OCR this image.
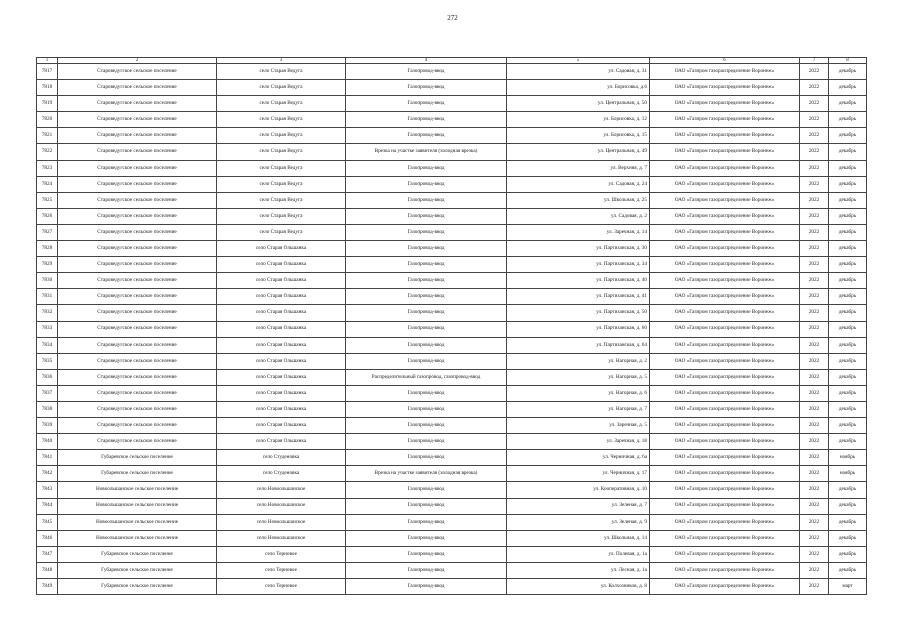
272
1	2	3	4	5	6	7	8
7817	Староведугское сельское поселение	село Старая Ведуга	Газопровод-ввод	ул. Садовая, д. 31	ОАО «Газпром газораспределение Воронеж»	2022	декабрь
7818	Староведугское сельское поселение	село Старая Ведуга	Газопровод-ввод	ул. Борисовка, д.6	ОАО «Газпром газораспределение Воронеж»	2022	декабрь
7819	Староведугское сельское поселение	село Старая Ведуга	Газопровод-ввод	ул. Центральная, д. 50	ОАО «Газпром газораспределение Воронеж»	2022	декабрь
7820	Староведугское сельское поселение	село Старая Ведуга	Газопровод-ввод	ул. Борисовка, д. 12	ОАО «Газпром газораспределение Воронеж»	2022	декабрь
7821	Староведугское сельское поселение	село Старая Ведуга	Газопровод-ввод	ул. Борисовка, д. 15	ОАО «Газпром газораспределение Воронеж»	2022	декабрь
7822	Староведугское сельское поселение	село Старая Ведуга	Врезка на участке заявителя (холодная врезка)	ул. Центральная, д. 49	ОАО «Газпром газораспределение Воронеж»	2022	декабрь
7823	Староведугское сельское поселение	село Старая Ведуга	Газопровод-ввод	ул. Верхняя, д. 7	ОАО «Газпром газораспределение Воронеж»	2022	декабрь
7824	Староведугское сельское поселение	село Старая Ведуга	Газопровод-ввод	ул. Садовая, д. 24	ОАО «Газпром газораспределение Воронеж»	2022	декабрь
7825	Староведугское сельское поселение	село Старая Ведуга	Газопровод-ввод	ул. Школьная, д. 25	ОАО «Газпром газораспределение Воронеж»	2022	декабрь
7826	Староведугское сельское поселение	село Старая Ведуга	Газопровод-ввод	ул. Садовая, д. 2	ОАО «Газпром газораспределение Воронеж»	2022	декабрь
7827	Староведугское сельское поселение	село Старая Ведуга	Газопровод-ввод	ул. Заречная, д. 14	ОАО «Газпром газораспределение Воронеж»	2022	декабрь
7828	Староведугское сельское поселение	село Старая Ольшанка	Газопровод-ввод	ул. Партизанская, д. 30	ОАО «Газпром газораспределение Воронеж»	2022	декабрь
7829	Староведугское сельское поселение	село Старая Ольшанка	Газопровод-ввод	ул. Партизанская, д. 34	ОАО «Газпром газораспределение Воронеж»	2022	декабрь
7830	Староведугское сельское поселение	село Старая Ольшанка	Газопровод-ввод	ул. Партизанская, д. 40	ОАО «Газпром газораспределение Воронеж»	2022	декабрь
7831	Староведугское сельское поселение	село Старая Ольшанка	Газопровод-ввод	ул. Партизанская, д. 41	ОАО «Газпром газораспределение Воронеж»	2022	декабрь
7832	Староведугское сельское поселение	село Старая Ольшанка	Газопровод-ввод	ул. Партизанская, д. 50	ОАО «Газпром газораспределение Воронеж»	2022	декабрь
7833	Староведугское сельское поселение	село Старая Ольшанка	Газопровод-ввод	ул. Партизанская, д. 60	ОАО «Газпром газораспределение Воронеж»	2022	декабрь
7834	Староведугское сельское поселение	село Старая Ольшанка	Газопровод-ввод	ул. Партизанская, д. 64	ОАО «Газпром газораспределение Воронеж»	2022	декабрь
7835	Староведугское сельское поселение	село Старая Ольшанка	Газопровод-ввод	ул. Нагорная, д. 2	ОАО «Газпром газораспределение Воронеж»	2022	декабрь
7836	Староведугское сельское поселение	село Старая Ольшанка	Распределительный газопровод, газопровод-ввод	ул. Нагорная, д. 5	ОАО «Газпром газораспределение Воронеж»	2022	декабрь
7837	Староведугское сельское поселение	село Старая Ольшанка	Газопровод-ввод	ул. Нагорная, д. 6	ОАО «Газпром газораспределение Воронеж»	2022	декабрь
7838	Староведугское сельское поселение	село Старая Ольшанка	Газопровод-ввод	ул. Нагорная, д. 7	ОАО «Газпром газораспределение Воронеж»	2022	декабрь
7839	Староведугское сельское поселение	село Старая Ольшанка	Газопровод-ввод	ул. Заречная, д. 5	ОАО «Газпром газораспределение Воронеж»	2022	декабрь
7840	Староведугское сельское поселение	село Старая Ольшанка	Газопровод-ввод	ул. Заречная, д. 18	ОАО «Газпром газораспределение Воронеж»	2022	декабрь
7841	Губаревское сельское поселение	село Студеновка	Газопровод-ввод	ул. Черничная, д. 6а	ОАО «Газпром газораспределение Воронеж»	2022	ноябрь
7842	Губаревское сельское поселение	село Студеновка	Врезка на участке заявителя (холодная врезка)	ул. Черничная, д. 17	ОАО «Газпром газораспределение Воронеж»	2022	ноябрь
7843	Новоольшанское сельское поселение	село Новоольшанское	Газопровод-ввод	ул. Кооперативная, д. 10	ОАО «Газпром газораспределение Воронеж»	2022	декабрь
7844	Новоольшанское сельское поселение	село Новоольшанское	Газопровод-ввод	ул. Зеленая, д. 7	ОАО «Газпром газораспределение Воронеж»	2022	декабрь
7845	Новоольшанское сельское поселение	село Новоольшанское	Газопровод-ввод	ул. Зеленая, д. 9	ОАО «Газпром газораспределение Воронеж»	2022	декабрь
7846	Новоольшанское сельское поселение	село Новоольшанское	Газопровод-ввод	ул. Школьная, д. 14	ОАО «Газпром газораспределение Воронеж»	2022	декабрь
7847	Губаревское сельское поселение	село Терновое	Газопровод-ввод	ул. Полевая, д. 1а	ОАО «Газпром газораспределение Воронеж»	2022	декабрь
7848	Губаревское сельское поселение	село Терновое	Газопровод-ввод	ул. Лесная, д. 1а	ОАО «Газпром газораспределение Воронеж»	2022	декабрь
7849	Губаревское сельское поселение	село Терновое	Газопровод-ввод	ул. Колхозников, д. 8	ОАО «Газпром газораспределение Воронеж»	2022	март
